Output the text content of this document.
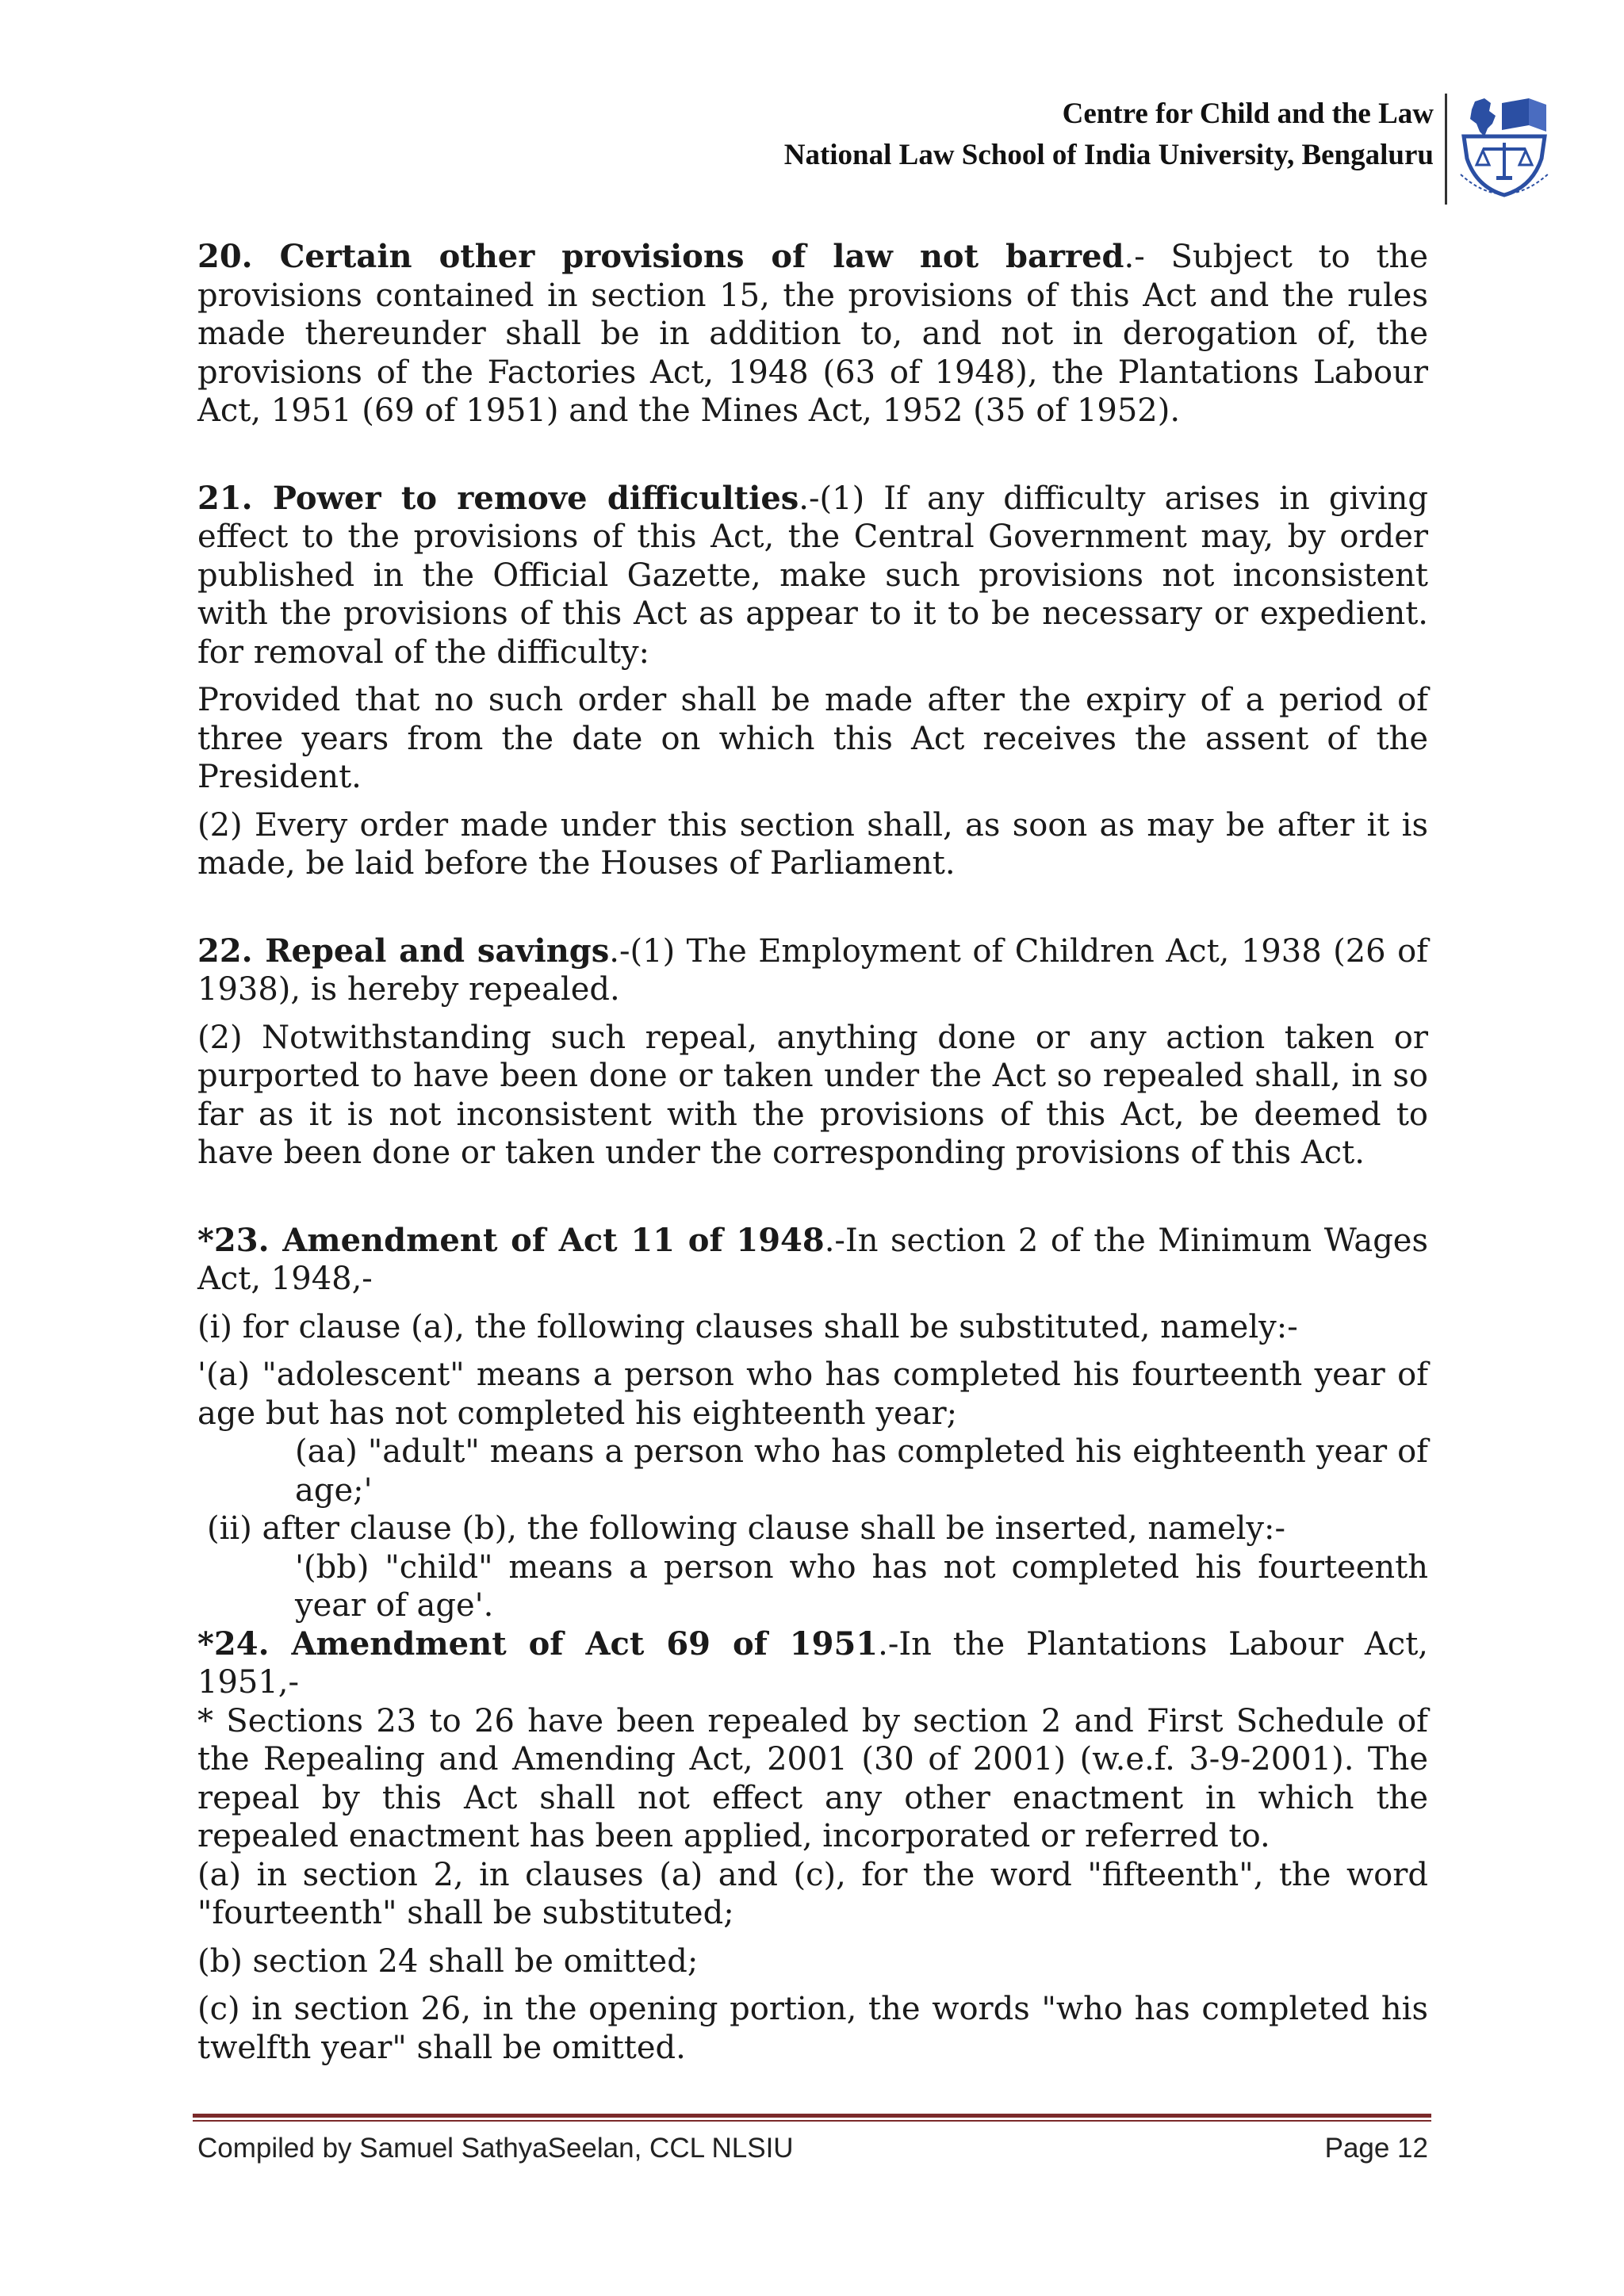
Centre for Child and the Law
National Law School of India University, Bengaluru

20. Certain other provisions of law not barred.- Subject to the provisions contained in section 15, the provisions of this Act and the rules made thereunder shall be in addition to, and not in derogation of, the provisions of the Factories Act, 1948 (63 of 1948), the Plantations Labour Act, 1951 (69 of 1951) and the Mines Act, 1952 (35 of 1952).

21. Power to remove difficulties.-(1) If any difficulty arises in giving effect to the provisions of this Act, the Central Government may, by order published in the Official Gazette, make such provisions not inconsistent with the provisions of this Act as appear to it to be necessary or expedient. for removal of the difficulty:

Provided that no such order shall be made after the expiry of a period of three years from the date on which this Act receives the assent of the President.

(2) Every order made under this section shall, as soon as may be after it is made, be laid before the Houses of Parliament.

22. Repeal and savings.-(1) The Employment of Children Act, 1938 (26 of 1938), is hereby repealed.

(2) Notwithstanding such repeal, anything done or any action taken or purported to have been done or taken under the Act so repealed shall, in so far as it is not inconsistent with the provisions of this Act, be deemed to have been done or taken under the corresponding provisions of this Act.

*23. Amendment of Act 11 of 1948.-In section 2 of the Minimum Wages Act, 1948,-

(i) for clause (a), the following clauses shall be substituted, namely:-

'(a) "adolescent" means a person who has completed his fourteenth year of age but has not completed his eighteenth year;

(aa) "adult" means a person who has completed his eighteenth year of age;'

(ii) after clause (b), the following clause shall be inserted, namely:-

'(bb) "child" means a person who has not completed his fourteenth year of age'.

*24. Amendment of Act 69 of 1951.-In the Plantations Labour Act, 1951,-

* Sections 23 to 26 have been repealed by section 2 and First Schedule of the Repealing and Amending Act, 2001 (30 of 2001) (w.e.f. 3-9-2001). The repeal by this Act shall not effect any other enactment in which the repealed enactment has been applied, incorporated or referred to.

(a) in section 2, in clauses (a) and (c), for the word "fifteenth", the word "fourteenth" shall be substituted;

(b) section 24 shall be omitted;

(c) in section 26, in the opening portion, the words "who has completed his twelfth year" shall be omitted.

Compiled by Samuel SathyaSeelan, CCL NLSIU	Page 12
